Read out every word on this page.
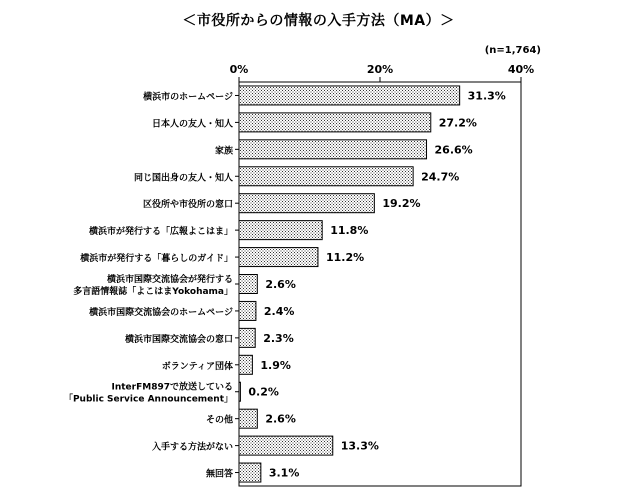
＜市役所からの情報の入手方法（MA）＞
(n=1,764)
0%	20%	40%
31.3%
横浜市のホームページ
27.2%
日本人の友人・知人
26.6%
家族
24.7%
同じ国出身の友人・知人
19.2%
区役所や市役所の窓口
11.8%
横浜市が発行する「広報よこはま」
11.2%
横浜市が発行する「暮らしのガイド」
2.6%
横浜市国際交流協会が発行する
多言語情報誌「よこはまYokohama」
2.4%
横浜市国際交流協会のホームページ
2.3%
横浜市国際交流協会の窓口
1.9%
ボランティア団体
0.2%
InterFM897で放送している
「Public Service Announcement」
2.6%
その他
13.3%
入手する方法がない
3.1%
無回答
